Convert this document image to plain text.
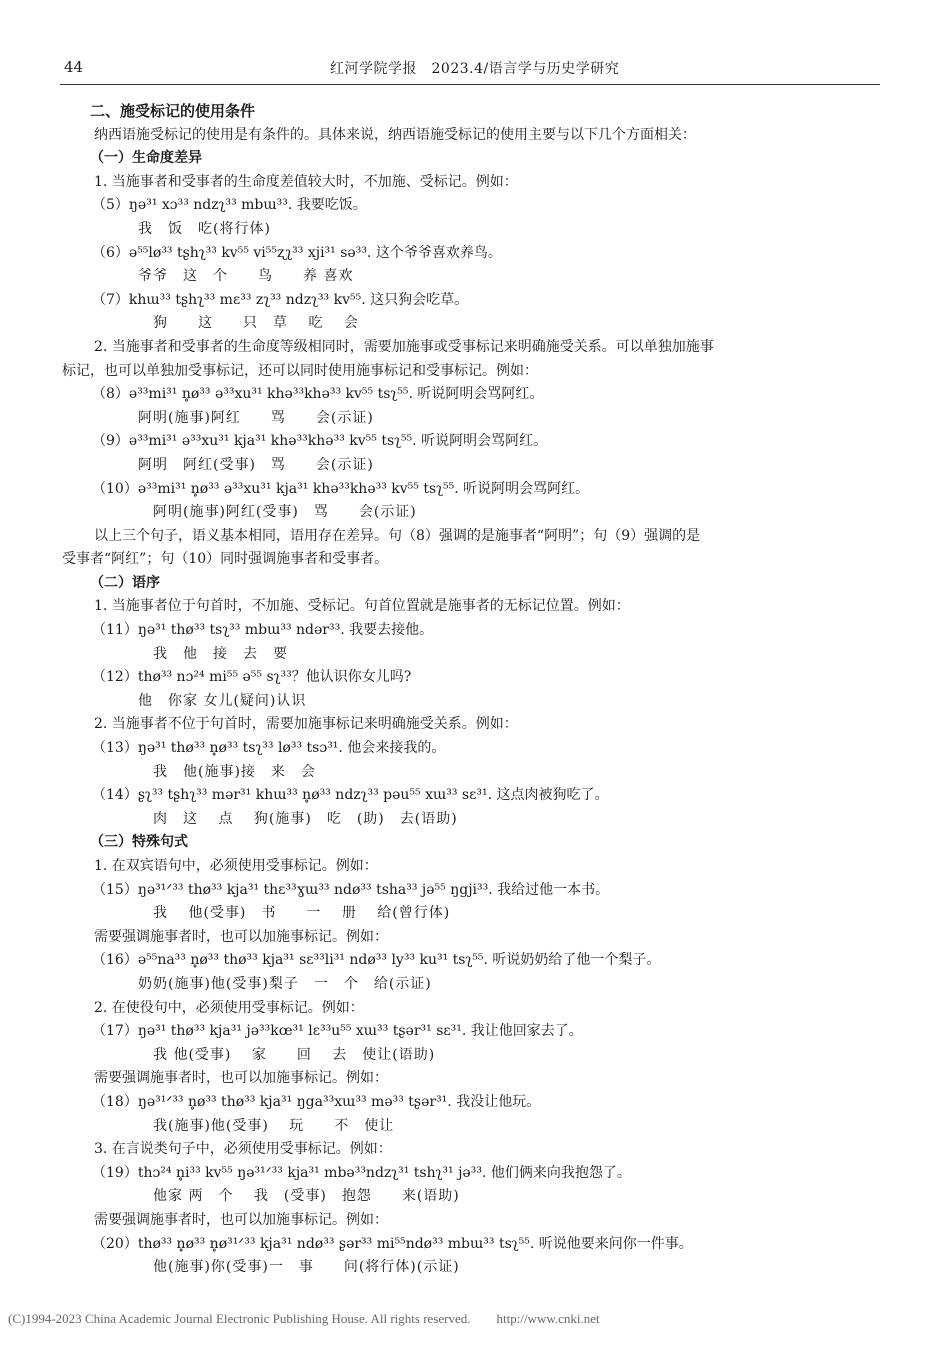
44	红河学院学报　2023.4/语言学与历史学研究
二、施受标记的使用条件
纳西语施受标记的使用是有条件的。具体来说，纳西语施受标记的使用主要与以下几个方面相关：
（一）生命度差异
1. 当施事者和受事者的生命度差值较大时，不加施、受标记。例如：
（5）ŋə³¹ xɔ³³ ndzʅ³³ mbɯ³³. 我要吃饭。
我　饭　吃(将行体)
（6）ə⁵⁵lø³³ tʂhʅ³³ kv⁵⁵ vi⁵⁵ʐʅ³³ xji³¹ sə³³. 这个爷爷喜欢养鸟。
爷爷　这　个　　鸟　　养 喜欢
（7）khɯ³³ tʂhʅ³³ mɛ³³ zʅ³³ ndzʅ³³ kv⁵⁵. 这只狗会吃草。
　狗　　这　　只　草　 吃　 会
2. 当施事者和受事者的生命度等级相同时，需要加施事或受事标记来明确施受关系。可以单独加施事
标记，也可以单独加受事标记，还可以同时使用施事标记和受事标记。例如：
（8）ə³³mi³¹ n̥ø³³ ə³³xu³¹ khə³³khə³³ kv⁵⁵ tsʅ⁵⁵. 听说阿明会骂阿红。
阿明(施事)阿红　　骂　　会(示证)
（9）ə³³mi³¹ ə³³xu³¹ kja³¹ khə³³khə³³ kv⁵⁵ tsʅ⁵⁵. 听说阿明会骂阿红。
阿明　阿红(受事)　骂　　会(示证)
（10）ə³³mi³¹ n̥ø³³ ə³³xu³¹ kja³¹ khə³³khə³³ kv⁵⁵ tsʅ⁵⁵. 听说阿明会骂阿红。
　阿明(施事)阿红(受事)　骂　　会(示证)
以上三个句子，语义基本相同，语用存在差异。句（8）强调的是施事者“阿明”；句（9）强调的是
受事者“阿红”；句（10）同时强调施事者和受事者。
（二）语序
1. 当施事者位于句首时，不加施、受标记。句首位置就是施事者的无标记位置。例如：
（11）ŋə³¹ thø³³ tsʅ³³ mbɯ³³ ndər³³. 我要去接他。
　我　他　接　去　要
（12）thø³³ nɔ²⁴ mi⁵⁵ ə⁵⁵ sʅ³³？他认识你女儿吗?
他　你家 女儿(疑问)认识
2. 当施事者不位于句首时，需要加施事标记来明确施受关系。例如：
（13）ŋə³¹ thø³³ n̥ø³³ tsʅ³³ lø³³ tsɔ³¹. 他会来接我的。
　我　他(施事)接　来　会
（14）ʂʅ³³ tʂhʅ³³ mər³¹ khɯ³³ n̥ø³³ ndzʅ³³ pəu⁵⁵ xɯ³³ sɛ³¹. 这点肉被狗吃了。
　肉　这　 点　 狗(施事)　吃　(助)　去(语助)
（三）特殊句式
1. 在双宾语句中，必须使用受事标记。例如：
（15）ŋə³¹ᐟ³³ thø³³ kja³¹ thɛ³³ɣɯ³³ ndø³³ tsha³³ jə⁵⁵ ŋgji³³. 我给过他一本书。
　我　 他(受事)　书　　一　 册　 给(曾行体)
需要强调施事者时，也可以加施事标记。例如：
（16）ə⁵⁵na³³ n̥ø³³ thø³³ kja³¹ sɛ³³li³¹ ndø³³ ly³³ ku³¹ tsʅ⁵⁵. 听说奶奶给了他一个梨子。
奶奶(施事)他(受事)梨子　一　个　给(示证)
2. 在使役句中，必须使用受事标记。例如：
（17）ŋə³¹ thø³³ kja³¹ jə³³kœ³¹ lɛ³³u⁵⁵ xɯ³³ tʂər³¹ sɛ³¹. 我让他回家去了。
　我 他(受事)　 家　　回　 去　使让(语助)
需要强调施事者时，也可以加施事标记。例如：
（18）ŋə³¹ᐟ³³ n̥ø³³ thø³³ kja³¹ ŋga³³xɯ³³ mə³³ tʂər³¹. 我没让他玩。
　我(施事)他(受事)　 玩　　不　使让
3. 在言说类句子中，必须使用受事标记。例如：
（19）thɔ²⁴ n̥i³³ kv⁵⁵ ŋə³¹ᐟ³³ kja³¹ mbə³³ndzʅ³¹ tshʅ³¹ jə³³. 他们俩来向我抱怨了。
　他家 两　个　 我　(受事)　抱怨　　来(语助)
需要强调施事者时，也可以加施事标记。例如：
（20）thø³³ n̥ø³³ n̥ø³¹ᐟ³³ kja³¹ ndø³³ ʂər³³ mi⁵⁵ndø³³ mbɯ³³ tsʅ⁵⁵. 听说他要来问你一件事。
　他(施事)你(受事)一　事　　问(将行体)(示证)
(C)1994-2023 China Academic Journal Electronic Publishing House. All rights reserved.　　http://www.cnki.net
